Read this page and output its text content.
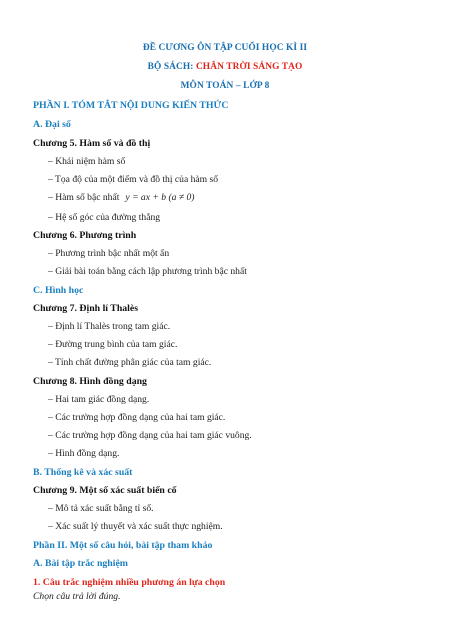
ĐỀ CƯƠNG ÔN TẬP CUỐI HỌC KÌ II
BỘ SÁCH: CHÂN TRỜI SÁNG TẠO
MÔN TOÁN – LỚP 8
PHẦN I. TÓM TẮT NỘI DUNG KIẾN THỨC
A. Đại số
Chương 5. Hàm số và đồ thị
– Khái niệm hàm số
– Tọa độ của một điểm và đồ thị của hàm số
– Hàm số bậc nhất y = ax + b (a ≠ 0)
– Hệ số góc của đường thẳng
Chương 6. Phương trình
– Phương trình bậc nhất một ẩn
– Giải bài toán bằng cách lập phương trình bậc nhất
C. Hình học
Chương 7. Định lí Thalès
– Định lí Thalès trong tam giác.
– Đường trung bình của tam giác.
– Tính chất đường phân giác của tam giác.
Chương 8. Hình đồng dạng
– Hai tam giác đồng dạng.
– Các trường hợp đồng dạng của hai tam giác.
– Các trường hợp đồng dạng của hai tam giác vuông.
– Hình đồng dạng.
B. Thống kê và xác suất
Chương 9. Một số xác suất biến cố
– Mô tả xác suất bằng tỉ số.
– Xác suất lý thuyết và xác suất thực nghiệm.
Phần II. Một số câu hỏi, bài tập tham khảo
A. Bài tập trắc nghiệm
1. Câu trắc nghiệm nhiều phương án lựa chọn
Chọn câu trả lời đúng.
